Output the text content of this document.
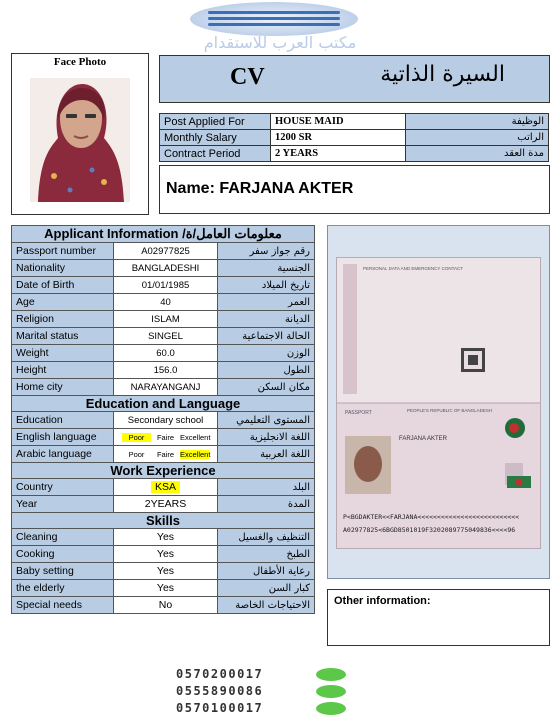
مكتب العرب للاستقدام
Face Photo
CV	السيرة الذاتية
Post Applied For	HOUSE MAID	الوظيفة
Monthly Salary	1200 SR	الراتب
Contract Period	2 YEARS	مدة العقد
Name: FARJANA AKTER
Applicant Information /معلومات العامل/ة		
Passport number	A02977825	رقم جواز سفر
Nationality	BANGLADESHI	الجنسية
Date of Birth	01/01/1985	تاريخ الميلاد
Age	40	العمر
Religion	ISLAM	الديانة
Marital status	SINGEL	الحالة الاجتماعية
Weight	60.0	الوزن
Height	156.0	الطول
Home city	NARAYANGANJ	مكان السكن
Education and Language		
Education	Secondary school	المستوى التعليمي
English language	Poor Faire Excellent	اللغة الانجليزية
Arabic language	Poor Faire Excellent	اللغة العربية
Work Experience		
Country	KSA	البلد
Year	2YEARS	المدة
Skills		
Cleaning	Yes	التنظيف والغسيل
Cooking	Yes	الطبخ
Baby setting	Yes	رعاية الأطفال
the elderly	Yes	كبار السن
Special needs	No	الاحتياجات الخاصة
PERSONAL DATA AND EMERGENCY CONTACT
PEOPLE'S REPUBLIC OF BANGLADESH
PASSPORT
FARJANA AKTER
P<BGDAKTER<<FARJANA<<<<<<<<<<<<<<<<<<<<<<<<<<
A02977825<6BGD8501019F3202089775049836<<<<96
Other information:
0570200017
0555890086
0570100017
